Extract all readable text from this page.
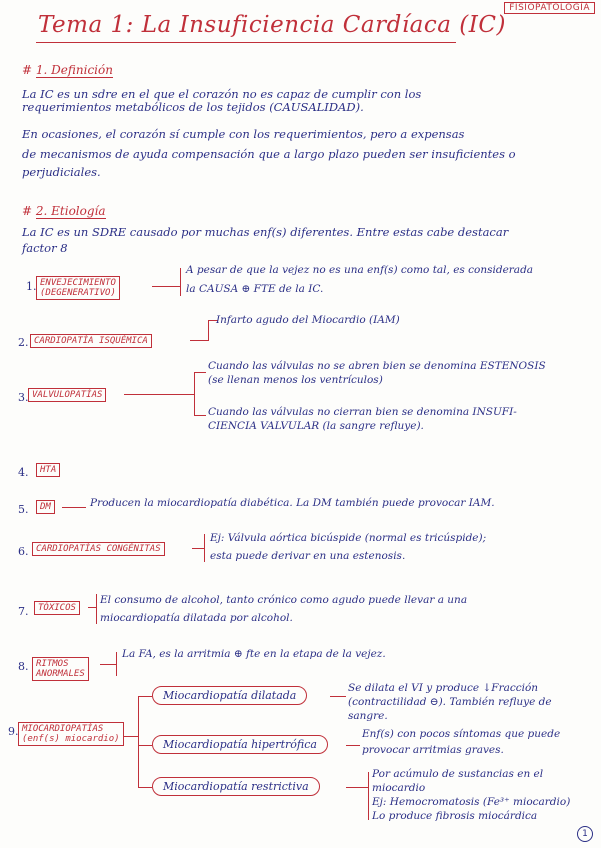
FISIOPATOLOGÍA
Tema 1: La Insuficiencia Cardíaca (IC)
# 1. Definición
La IC es un sdre en el que el corazón no es capaz de cumplir con los
requerimientos metabólicos de los tejidos (CAUSALIDAD).
En ocasiones, el corazón sí cumple con los requerimientos, pero a expensas
de mecanismos de ayuda compensación que a largo plazo pueden ser insuficientes o
perjudiciales.
# 2. Etiología
La IC es un SDRE causado por muchas enf(s) diferentes. Entre estas cabe destacar
factor 8
1. ENVEJECIMIENTO
(DEGENERATIVO)
A pesar de que la vejez no es una enf(s) como tal, es considerada
la CAUSA ⊕ FTE de la IC.
2. CARDIOPATÍA ISQUÉMICA
Infarto agudo del Miocardio (IAM)
3. VALVULOPATÍAS
Cuando las válvulas no se abren bien se denomina ESTENOSIS
(se llenan menos los ventrículos)
Cuando las válvulas no cierran bien se denomina INSUFI-
CIENCIA VALVULAR (la sangre refluye).
4.	HTA
5.	DM	Producen la miocardiopatía diabética. La DM también puede provocar IAM.
6. CARDIOPATÍAS CONGÉNITAS
Ej: Válvula aórtica bicúspide (normal es tricúspide);
esta puede derivar en una estenosis.
7.	TÓXICOS
El consumo de alcohol, tanto crónico como agudo puede llevar a una
miocardiopatía dilatada por alcohol.
8. RITMOS
ANORMALES
La FA, es la arritmia ⊕ fte en la etapa de la vejez.
9. MIOCARDIOPATÍAS
(enf(s) miocardio)
Miocardiopatía dilatada
Se dilata el VI y produce ↓Fracción
(contractilidad ⊖). También refluye de
sangre.
Miocardiopatía hipertrófica
Enf(s) con pocos síntomas que puede
provocar arritmias graves.
Miocardiopatía restrictiva
Por acúmulo de sustancias en el
miocardio
Ej: Hemocromatosis (Fe³⁺ miocardio)
Lo produce fibrosis miocárdica
1
